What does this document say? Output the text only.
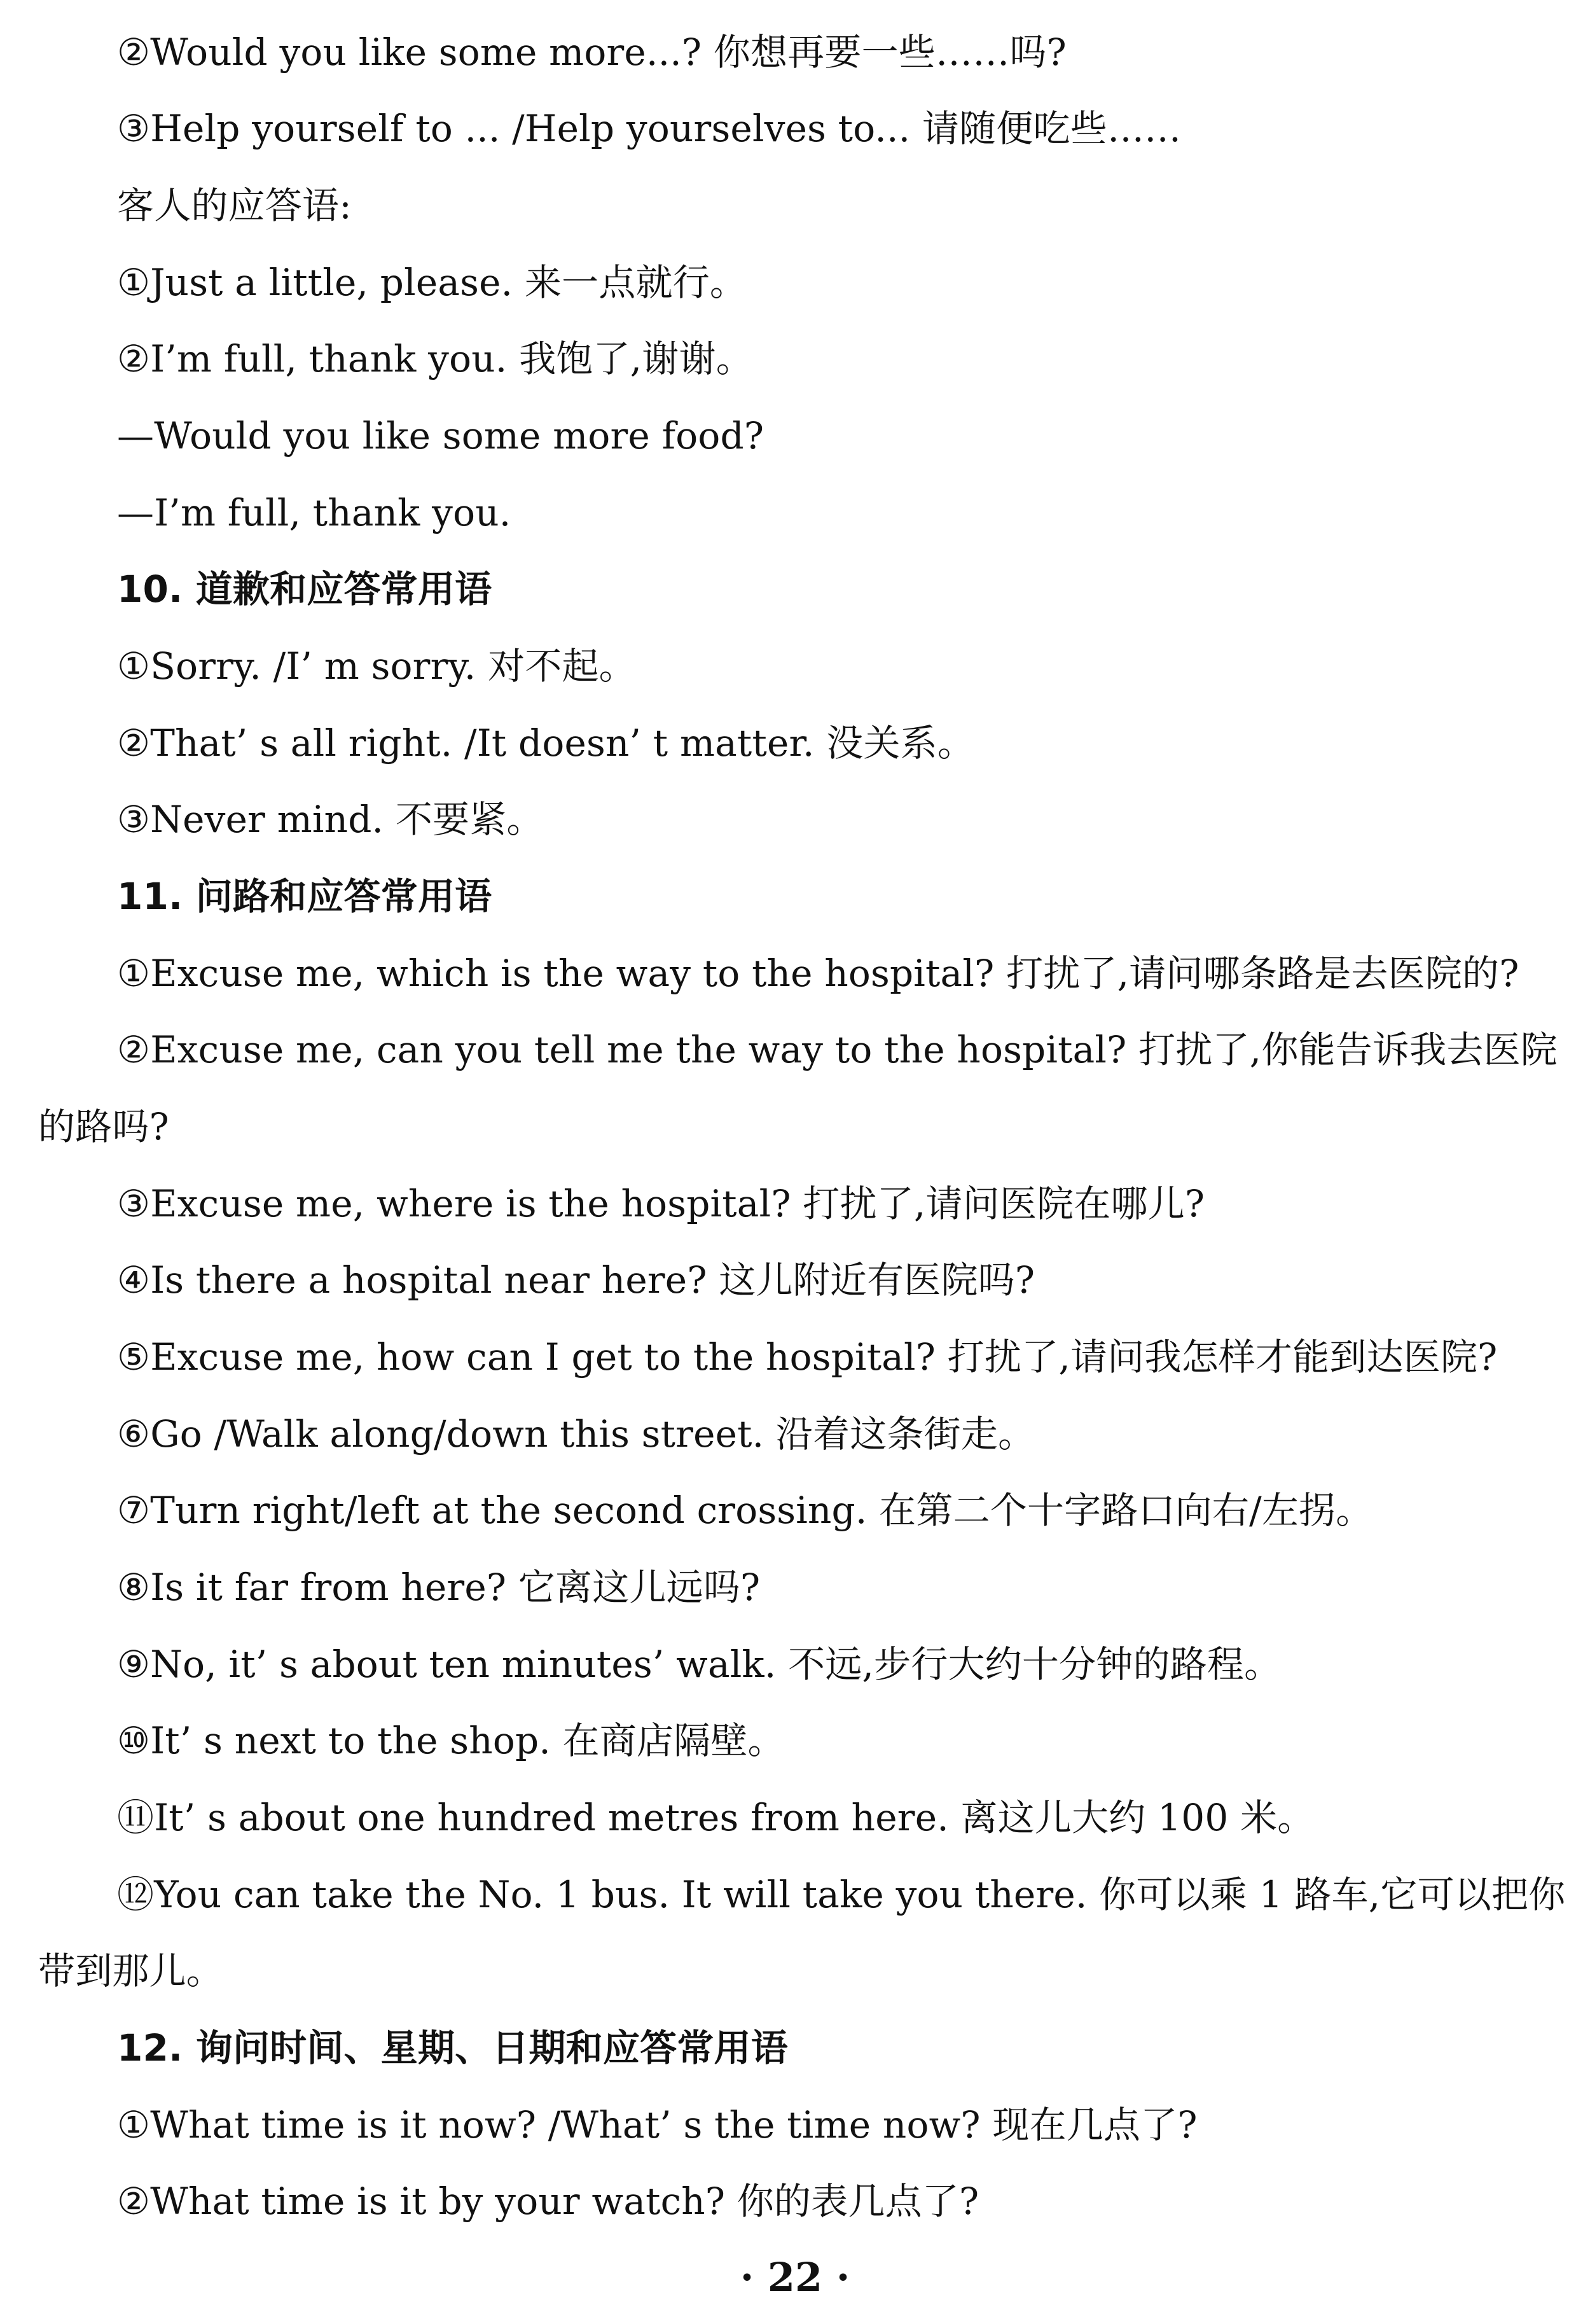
②Would you like some more...? 你想再要一些……吗?
③Help yourself to ... /Help yourselves to... 请随便吃些……
客人的应答语:
①Just a little, please. 来一点就行。
②I’m full, thank you. 我饱了,谢谢。
—Would you like some more food?
—I’m full, thank you.
10. 道歉和应答常用语
①Sorry. /I’ m sorry. 对不起。
②That’ s all right. /It doesn’ t matter. 没关系。
③Never mind. 不要紧。
11. 问路和应答常用语
①Excuse me, which is the way to the hospital? 打扰了,请问哪条路是去医院的?
②Excuse me, can you tell me the way to the hospital? 打扰了,你能告诉我去医院
的路吗?
③Excuse me, where is the hospital? 打扰了,请问医院在哪儿?
④Is there a hospital near here? 这儿附近有医院吗?
⑤Excuse me, how can I get to the hospital? 打扰了,请问我怎样才能到达医院?
⑥Go /Walk along/down this street. 沿着这条街走。
⑦Turn right/left at the second crossing. 在第二个十字路口向右/左拐。
⑧Is it far from here? 它离这儿远吗?
⑨No, it’ s about ten minutes’ walk. 不远,步行大约十分钟的路程。
⑩It’ s next to the shop. 在商店隔壁。
⑪It’ s about one hundred metres from here. 离这儿大约 100 米。
⑫You can take the No. 1 bus. It will take you there. 你可以乘 1 路车,它可以把你
带到那儿。
12. 询问时间、星期、日期和应答常用语
①What time is it now? /What’ s the time now? 现在几点了?
②What time is it by your watch? 你的表几点了?
· 22 ·
